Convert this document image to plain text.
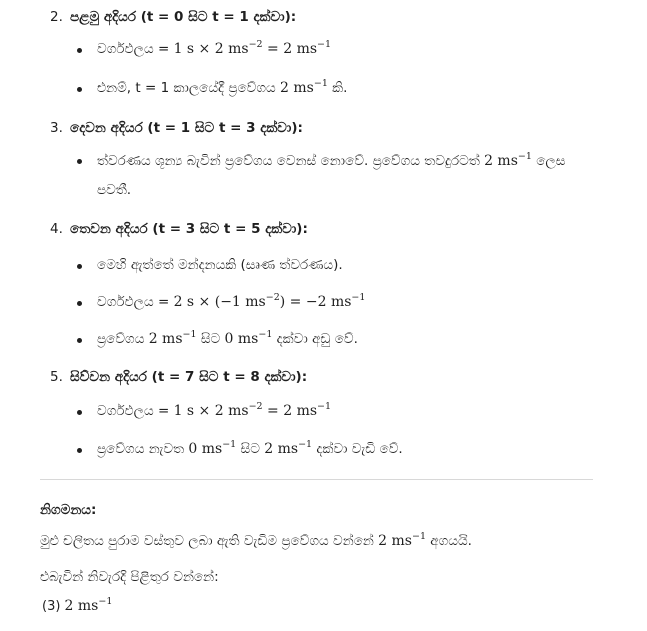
2. පළමු අදියර (t = 0 සිට t = 1 දක්වා):
වර්ගඵලය = 1 s × 2 $ms^{-2} = 2$ $ms^{-1}$
එනම්, t = 1 කාලයේදී ප්‍රවේගය 2 $ms^{-1}$ කි.
3. දෙවන අදියර (t = 1 සිට t = 3 දක්වා):
ත්වරණය ශූන්‍ය බැවින් ප්‍රවේගය වෙනස් නොවේ. ප්‍රවේගය තවදුරටත් 2 $ms^{-1}$ ලෙස පවතී.
4. තෙවන අදියර (t = 3 සිට t = 5 දක්වා):
මෙහි ඇත්තේ මන්දනයකි (සෘණ ත්වරණය).
වර්ගඵලය = 2 s × (−1 $ms^{-2}) = -2$ $ms^{-1}$
ප්‍රවේගය 2 $ms^{-1}$ සිට 0 $ms^{-1}$ දක්වා අඩු වේ.
5. සිව්වන අදියර (t = 7 සිට t = 8 දක්වා):
වර්ගඵලය = 1 s × 2 $ms^{-2} = 2$ $ms^{-1}$
ප්‍රවේගය නැවත 0 $ms^{-1}$ සිට 2 $ms^{-1}$ දක්වා වැඩි වේ.
නිගමනය:
මුළු චලිතය පුරාම වස්තුව ලබා ඇති වැඩිම ප්‍රවේගය වන්නේ 2 $ms^{-1}$ අගයයි.
එබැවින් නිවැරදි පිළිතුර වන්නේ:
(3) 2 $ms^{-1}$
